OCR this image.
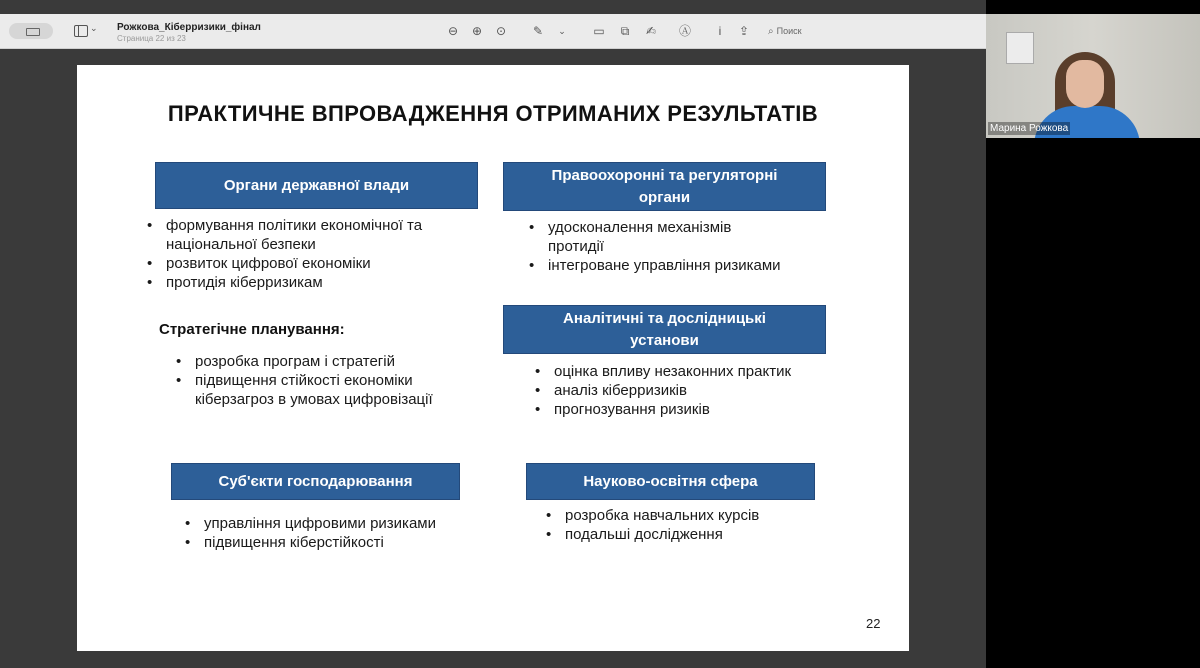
⌄ Рожкова_Кіберризики_фінал
Страница 22 из 23
⊖ ⊕ ⊙ ✎	⌄	▭	⧉	✍ Ⓐ	i	⇪ ⌕ Поиск
ПРАКТИЧНЕ ВПРОВАДЖЕННЯ ОТРИМАНИХ РЕЗУЛЬТАТІВ
Органи державної влади
• формування політики економічної та національної безпеки
• розвиток цифрової економіки
• протидія кіберризикам
Стратегічне планування:
• розробка програм і стратегій
• підвищення стійкості економіки кіберзагроз в умовах цифровізації
Правоохоронні та регуляторні органи
• удосконалення механізмів протидії
• інтегроване управління ризиками
Аналітичні та дослідницькі установи
• оцінка впливу незаконних практик
• аналіз кіберризиків
• прогнозування ризиків
Суб'єкти господарювання
• управління цифровими ризиками
• підвищення кіберстійкості
Науково-освітня сфера
• розробка навчальних курсів
• подальші дослідження
22
Марина Рожкова
